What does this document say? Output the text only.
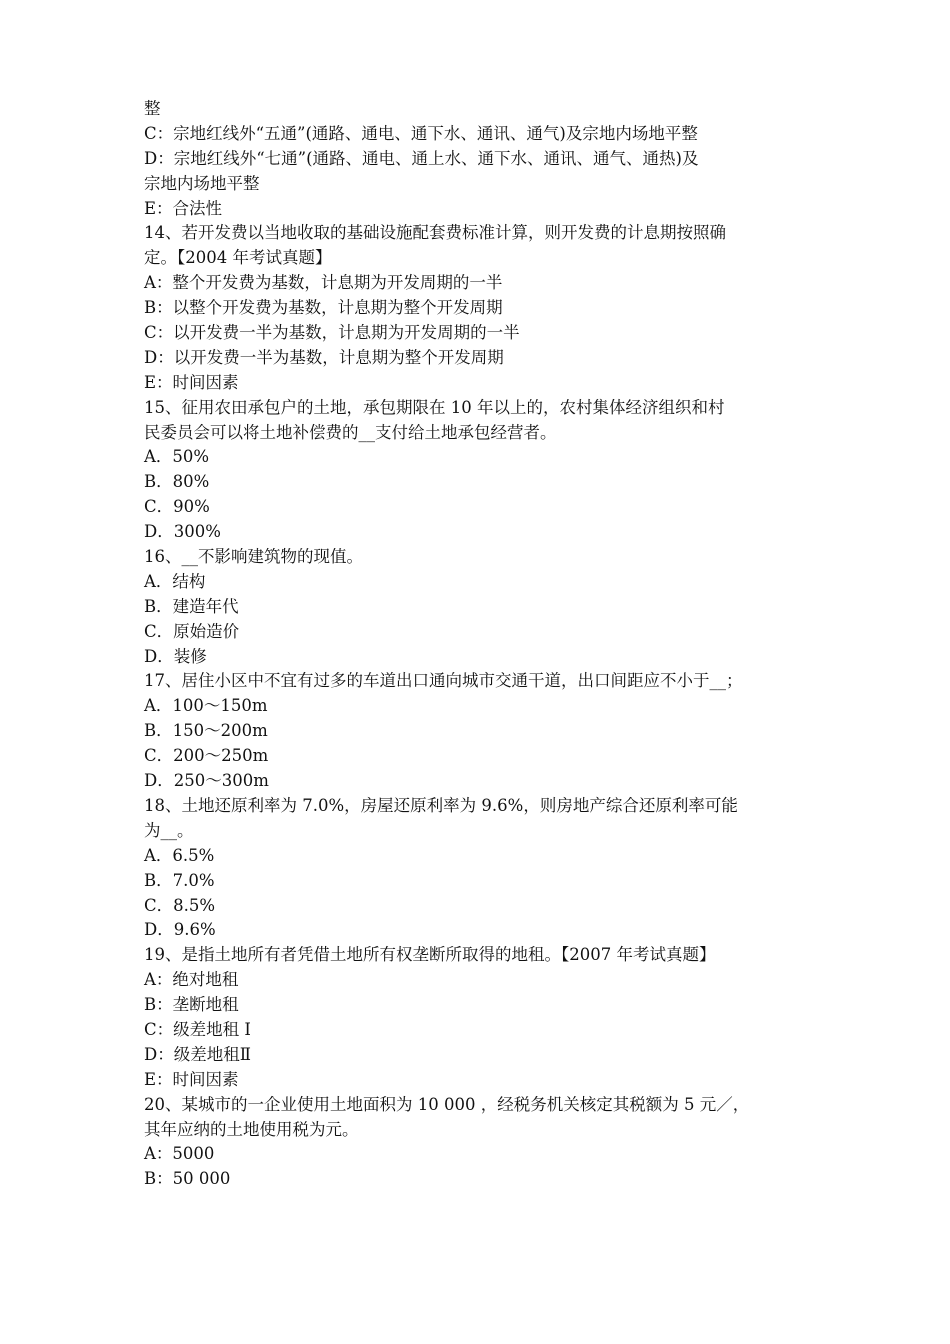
整
C：宗地红线外“五通”(通路、通电、通下水、通讯、通气)及宗地内场地平整
D：宗地红线外“七通”(通路、通电、通上水、通下水、通讯、通气、通热)及
宗地内场地平整
E：合法性
14、若开发费以当地收取的基础设施配套费标准计算，则开发费的计息期按照确
定。【2004 年考试真题】
A：整个开发费为基数，计息期为开发周期的一半
B：以整个开发费为基数，计息期为整个开发周期
C：以开发费一半为基数，计息期为开发周期的一半
D：以开发费一半为基数，计息期为整个开发周期
E：时间因素
15、征用农田承包户的土地，承包期限在 10 年以上的，农村集体经济组织和村
民委员会可以将土地补偿费的__支付给土地承包经营者。
A．50%
B．80%
C．90%
D．300%
16、__不影响建筑物的现值。
A．结构
B．建造年代
C．原始造价
D．装修
17、居住小区中不宜有过多的车道出口通向城市交通干道，出口间距应不小于__；
A．100～150m
B．150～200m
C．200～250m
D．250～300m
18、土地还原利率为 7.0%，房屋还原利率为 9.6%，则房地产综合还原利率可能
为__。
A．6.5%
B．7.0%
C．8.5%
D．9.6%
19、是指土地所有者凭借土地所有权垄断所取得的地租。【2007 年考试真题】
A：绝对地租
B：垄断地租
C：级差地租 I
D：级差地租Ⅱ
E：时间因素
20、某城市的一企业使用土地面积为 10 000 ，经税务机关核定其税额为 5 元／，
其年应纳的土地使用税为元。
A：5000
B：50 000
